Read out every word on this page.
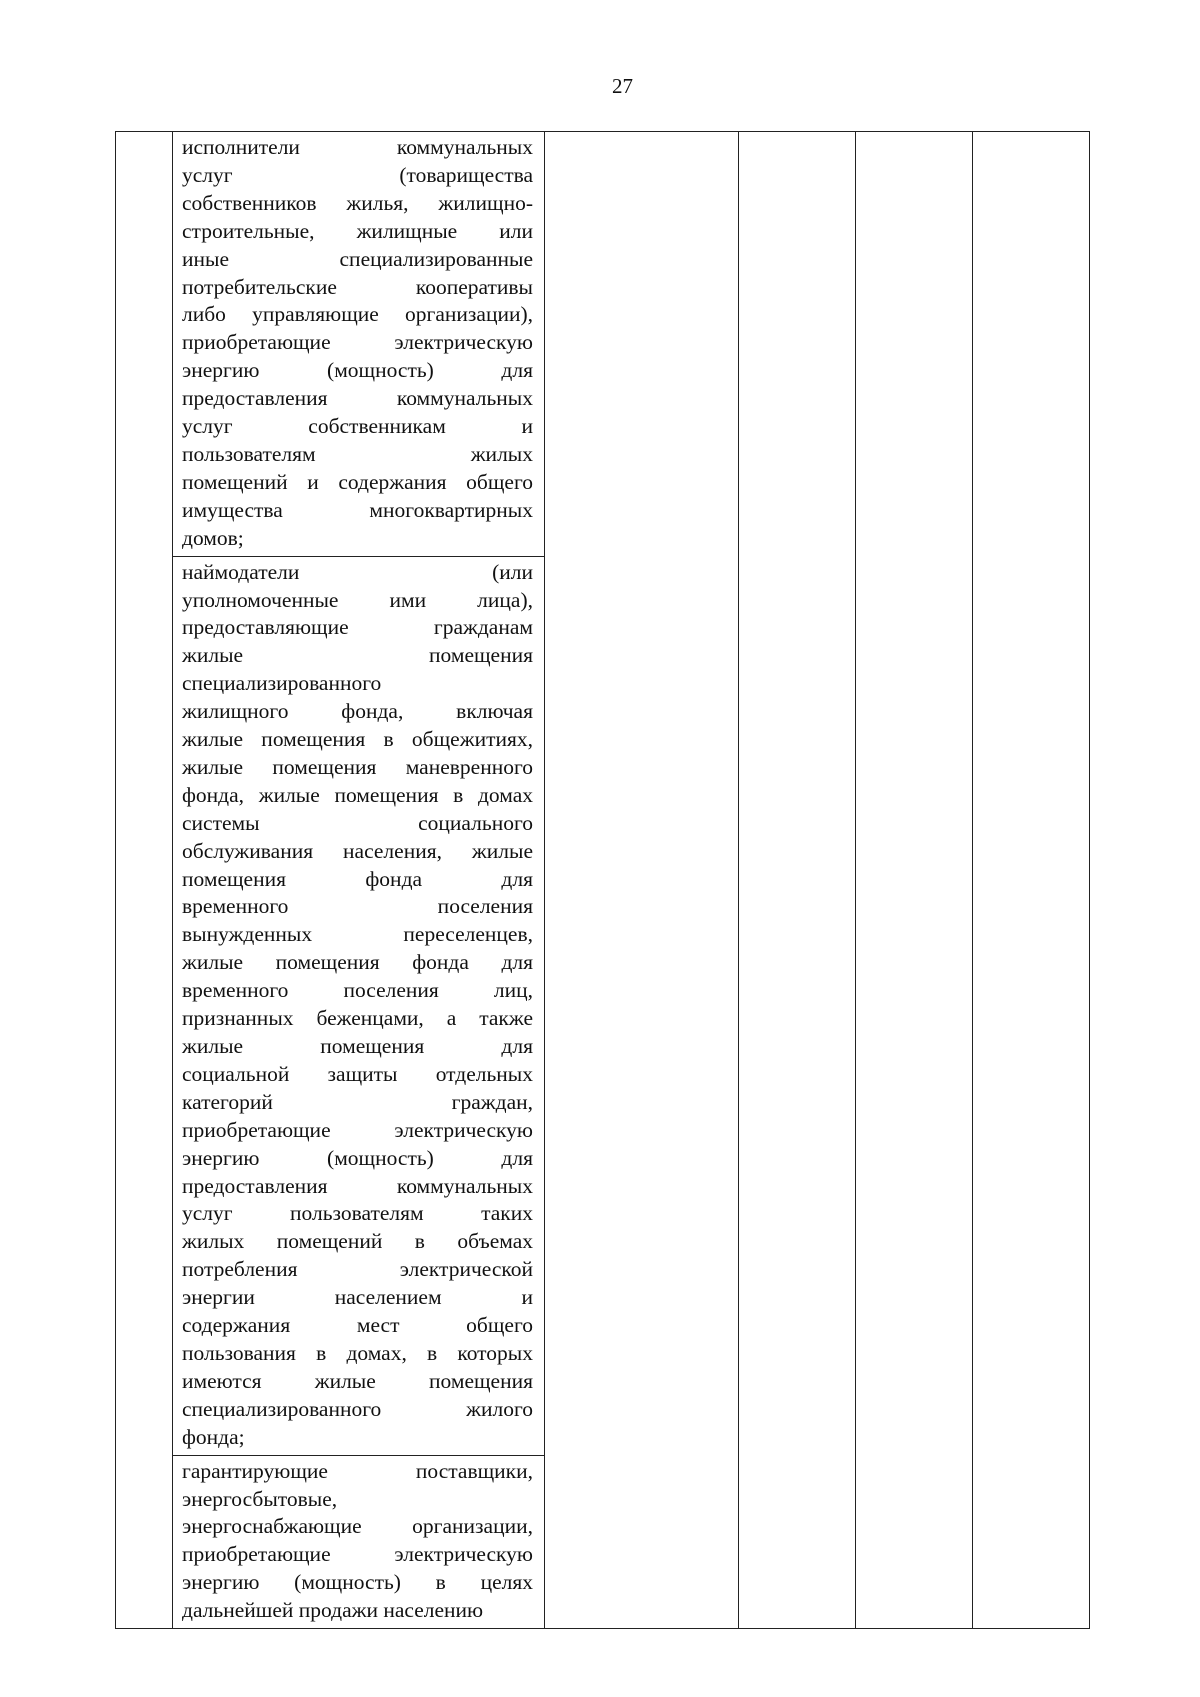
27

исполнители коммунальных
услуг (товарищества
собственников жилья, жилищно-
строительные, жилищные или
иные специализированные
потребительские кооперативы
либо управляющие организации),
приобретающие электрическую
энергию (мощность) для
предоставления коммунальных
услуг собственникам и
пользователям жилых
помещений и содержания общего
имущества многоквартирных
домов;

наймодатели (или
уполномоченные ими лица),
предоставляющие гражданам
жилые помещения
специализированного
жилищного фонда, включая
жилые помещения в общежитиях,
жилые помещения маневренного
фонда, жилые помещения в домах
системы социального
обслуживания населения, жилые
помещения фонда для
временного поселения
вынужденных переселенцев,
жилые помещения фонда для
временного поселения лиц,
признанных беженцами, а также
жилые помещения для
социальной защиты отдельных
категорий граждан,
приобретающие электрическую
энергию (мощность) для
предоставления коммунальных
услуг пользователям таких
жилых помещений в объемах
потребления электрической
энергии населением и
содержания мест общего
пользования в домах, в которых
имеются жилые помещения
специализированного жилого
фонда;

гарантирующие поставщики,
энергосбытовые,
энергоснабжающие организации,
приобретающие электрическую
энергию (мощность) в целях
дальнейшей продажи населению
